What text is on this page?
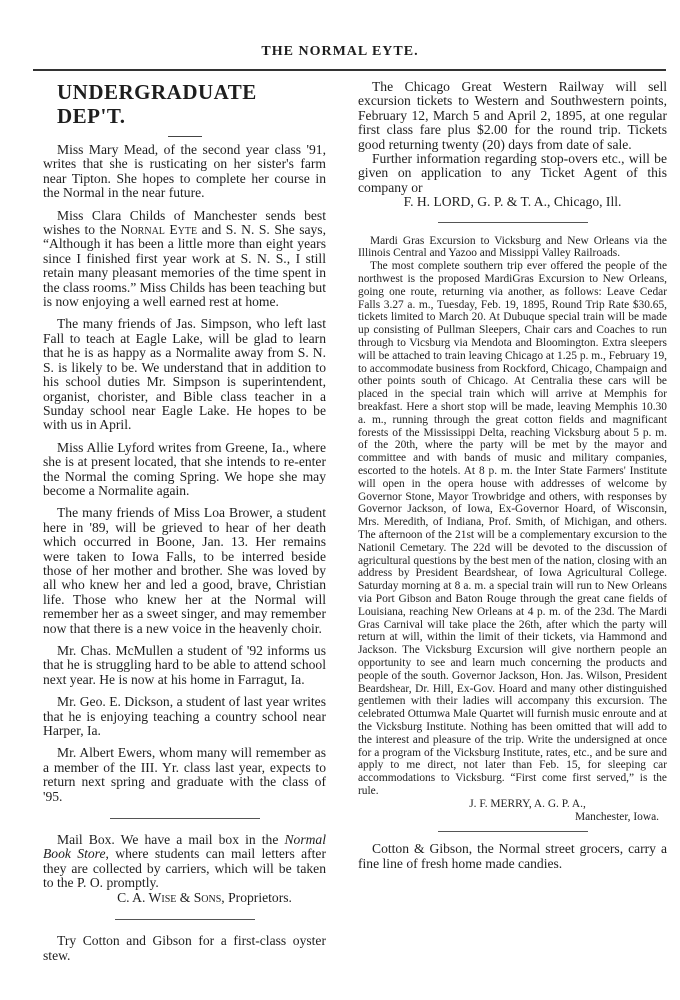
THE NORMAL EYTE.
UNDERGRADUATE DEP'T.

Miss Mary Mead, of the second year class '91, writes that she is rusticating on her sister's farm near Tipton. She hopes to complete her course in the Normal in the near future.

Miss Clara Childs of Manchester sends best wishes to the Nornal Eyte and S. N. S. She says, “Although it has been a little more than eight years since I finished first year work at S. N. S., I still retain many pleasant memories of the time spent in the class rooms.” Miss Childs has been teaching but is now enjoying a well earned rest at home.

The many friends of Jas. Simpson, who left last Fall to teach at Eagle Lake, will be glad to learn that he is as happy as a Normalite away from S. N. S. is likely to be. We understand that in addition to his school duties Mr. Simpson is superintendent, organist, chorister, and Bible class teacher in a Sunday school near Eagle Lake. He hopes to be with us in April.

Miss Allie Lyford writes from Greene, Ia., where she is at present located, that she intends to re-enter the Normal the coming Spring. We hope she may become a Normalite again.

The many friends of Miss Loa Brower, a student here in '89, will be grieved to hear of her death which occurred in Boone, Jan. 13. Her remains were taken to Iowa Falls, to be interred beside those of her mother and brother. She was loved by all who knew her and led a good, brave, Christian life. Those who knew her at the Normal will remember her as a sweet singer, and may remember now that there is a new voice in the heavenly choir.

Mr. Chas. McMullen a student of '92 informs us that he is struggling hard to be able to attend school next year. He is now at his home in Farragut, Ia.

Mr. Geo. E. Dickson, a student of last year writes that he is enjoying teaching a country school near Harper, Ia.

Mr. Albert Ewers, whom many will remember as a member of the III. Yr. class last year, expects to return next spring and graduate with the class of '95.

Mail Box. We have a mail box in the Normal Book Store, where students can mail letters after they are collected by carriers, which will be taken to the P. O. promptly.

C. A. Wise & Sons, Proprietors.

Try Cotton and Gibson for a first-class oyster stew.

The Chicago Great Western Railway will sell excursion tickets to Western and Southwestern points, February 12, March 5 and April 2, 1895, at one regular first class fare plus $2.00 for the round trip. Tickets good returning twenty (20) days from date of sale.

Further information regarding stop-overs etc., will be given on application to any Ticket Agent of this company or

F. H. LORD, G. P. & T. A., Chicago, Ill.

Mardi Gras Excursion to Vicksburg and New Orleans via the Illinois Central and Yazoo and Missippi Valley Railroads.

The most complete southern trip ever offered the people of the northwest is the proposed MardiGras Excursion to New Orleans, going one route, returning via another, as follows: Leave Cedar Falls 3.27 a. m., Tuesday, Feb. 19, 1895, Round Trip Rate $30.65, tickets limited to March 20. At Dubuque special train will be made up consisting of Pullman Sleepers, Chair cars and Coaches to run through to Vicsburg via Mendota and Bloomington. Extra sleepers will be attached to train leaving Chicago at 1.25 p. m., February 19, to accommodate business from Rockford, Chicago, Champaign and other points south of Chicago. At Centralia these cars will be placed in the special train which will arrive at Memphis for breakfast. Here a short stop will be made, leaving Memphis 10.30 a. m., running through the great cotton fields and magnificant forests of the Mississippi Delta, reaching Vicksburg about 5 p. m. of the 20th, where the party will be met by the mayor and committee and with bands of music and military companies, escorted to the hotels. At 8 p. m. the Inter State Farmers' Institute will open in the opera house with addresses of welcome by Governor Stone, Mayor Trowbridge and others, with responses by Governor Jackson, of Iowa, Ex-Governor Hoard, of Wisconsin, Mrs. Meredith, of Indiana, Prof. Smith, of Michigan, and others. The afternoon of the 21st will be a complementary excursion to the Nationil Cemetary. The 22d will be devoted to the discussion of agricultural questions by the best men of the nation, closing with an address by President Beardshear, of Iowa Agricultural College. Saturday morning at 8 a. m. a special train will run to New Orleans via Port Gibson and Baton Rouge through the great cane fields of Louisiana, reaching New Orleans at 4 p. m. of the 23d. The Mardi Gras Carnival will take place the 26th, after which the party will return at will, within the limit of their tickets, via Hammond and Jackson. The Vicksburg Excursion will give northern people an opportunity to see and learn much concerning the products and people of the south. Governor Jackson, Hon. Jas. Wilson, President Beardshear, Dr. Hill, Ex-Gov. Hoard and many other distinguished gentlemen with their ladies will accompany this excursion. The celebrated Ottumwa Male Quartet will furnish music enroute and at the Vicksburg Institute. Nothing has been omitted that will add to the interest and pleasure of the trip. Write the undersigned at once for a program of the Vicksburg Institute, rates, etc., and be sure and apply to me direct, not later than Feb. 15, for sleeping car accommodations to Vicksburg. “First come first served,” is the rule.

J. F. MERRY, A. G. P. A.,

Manchester, Iowa.

Cotton & Gibson, the Normal street grocers, carry a fine line of fresh home made candies.
